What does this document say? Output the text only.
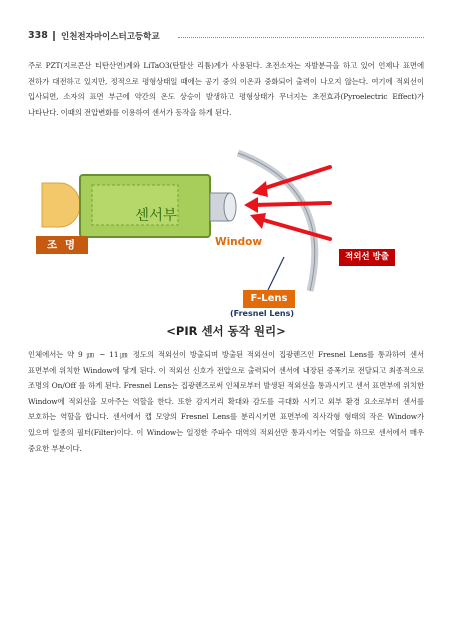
338 인천전자마이스터고등학교
주로 PZT(지르콘산 티탄산연)계와 LiTaO3(탄탈산 리튬)계가 사용된다. 초전소자는 자발분극을 하고 있어 언제나 표면에 전하가 대전하고 있지만, 정적으로 평형상태일 때에는 공기 중의 이온과 중화되어 출력이 나오지 않는다. 여기에 적외선이 입사되면, 소자의 표면 부근에 약간의 온도 상승이 발생하고 평형상태가 무너지는 초전효과(Pyroelectric Effect)가 나타난다. 이때의 전압변화를 이용하여 센서가 동작을 하게 된다.
센서부
조 명	Window
적외선 방출
F-Lens
(Fresnel Lens)
<PIR 센서 동작 원리>
인체에서는 약 9 ㎛ ~ 11㎛ 정도의 적외선이 방출되며 방출된 적외선이 집광렌즈인 Fresnel Lens를 통과하여 센서 표면부에 위치한 Window에 닿게 된다. 이 적외선 신호가 전압으로 출력되어 센서에 내장된 증폭기로 전달되고 최종적으로 조명의 On/Off 를 하게 된다. Fresnel Lens는 집광렌즈로써 인체로부터 발생된 적외선을 통과시키고 센서 표면부에 위치한 Window에 적외선을 모아주는 역할을 한다. 또한 감지거리 확대와 감도를 극대화 시키고 외부 환경 요소로부터 센서를 보호하는 역할을 합니다. 센서에서 캡 모양의 Fresnel Lens를 분리시키면 표면부에 직사각형 형태의 작은 Window가 있으며 일종의 필터(Filter)이다. 이 Window는 일정한 주파수 대역의 적외선만 통과시키는 역할을 하므로 센서에서 매우 중요한 부분이다.
